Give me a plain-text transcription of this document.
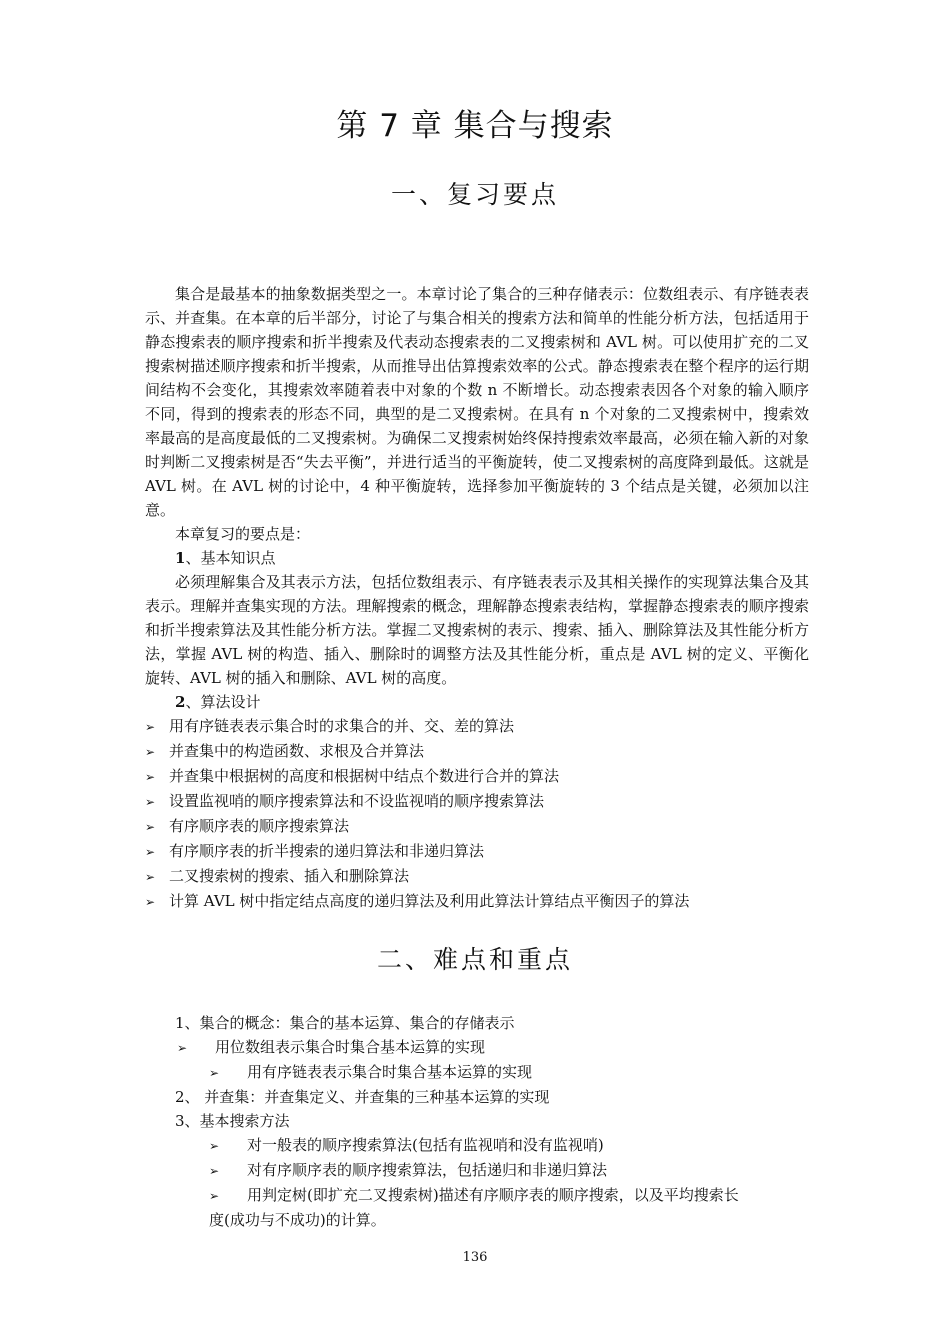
第 7 章 集合与搜索
一、复习要点

集合是最基本的抽象数据类型之一。本章讨论了集合的三种存储表示：位数组表示、有序链表表示、并查集。在本章的后半部分，讨论了与集合相关的搜索方法和简单的性能分析方法，包括适用于静态搜索表的顺序搜索和折半搜索及代表动态搜索表的二叉搜索树和 AVL 树。可以使用扩充的二叉搜索树描述顺序搜索和折半搜索，从而推导出估算搜索效率的公式。静态搜索表在整个程序的运行期间结构不会变化，其搜索效率随着表中对象的个数 n 不断增长。动态搜索表因各个对象的输入顺序不同，得到的搜索表的形态不同，典型的是二叉搜索树。在具有 n 个对象的二叉搜索树中，搜索效率最高的是高度最低的二叉搜索树。为确保二叉搜索树始终保持搜索效率最高，必须在输入新的对象时判断二叉搜索树是否“失去平衡”，并进行适当的平衡旋转，使二叉搜索树的高度降到最低。这就是 AVL 树。在 AVL 树的讨论中，4 种平衡旋转，选择参加平衡旋转的 3 个结点是关键，必须加以注意。

本章复习的要点是：

1、基本知识点

必须理解集合及其表示方法，包括位数组表示、有序链表表示及其相关操作的实现算法集合及其表示。理解并查集实现的方法。理解搜索的概念，理解静态搜索表结构，掌握静态搜索表的顺序搜索和折半搜索算法及其性能分析方法。掌握二叉搜索树的表示、搜索、插入、删除算法及其性能分析方法，掌握 AVL 树的构造、插入、删除时的调整方法及其性能分析，重点是 AVL 树的定义、平衡化旋转、AVL 树的插入和删除、AVL 树的高度。

2、算法设计

➢ 用有序链表表示集合时的求集合的并、交、差的算法

➢ 并查集中的构造函数、求根及合并算法

➢ 并查集中根据树的高度和根据树中结点个数进行合并的算法

➢ 设置监视哨的顺序搜索算法和不设监视哨的顺序搜索算法

➢ 有序顺序表的顺序搜索算法

➢ 有序顺序表的折半搜索的递归算法和非递归算法

➢ 二叉搜索树的搜索、插入和删除算法

➢ 计算 AVL 树中指定结点高度的递归算法及利用此算法计算结点平衡因子的算法

二、难点和重点

1、集合的概念：集合的基本运算、集合的存储表示

➢ 用位数组表示集合时集合基本运算的实现

➢ 用有序链表表示集合时集合基本运算的实现

2、 并查集：并查集定义、并查集的三种基本运算的实现

3、基本搜索方法

➢ 对一般表的顺序搜索算法(包括有监视哨和没有监视哨)

➢ 对有序顺序表的顺序搜索算法，包括递归和非递归算法

➢ 用判定树(即扩充二叉搜索树)描述有序顺序表的顺序搜索，以及平均搜索长

度(成功与不成功)的计算。

136
